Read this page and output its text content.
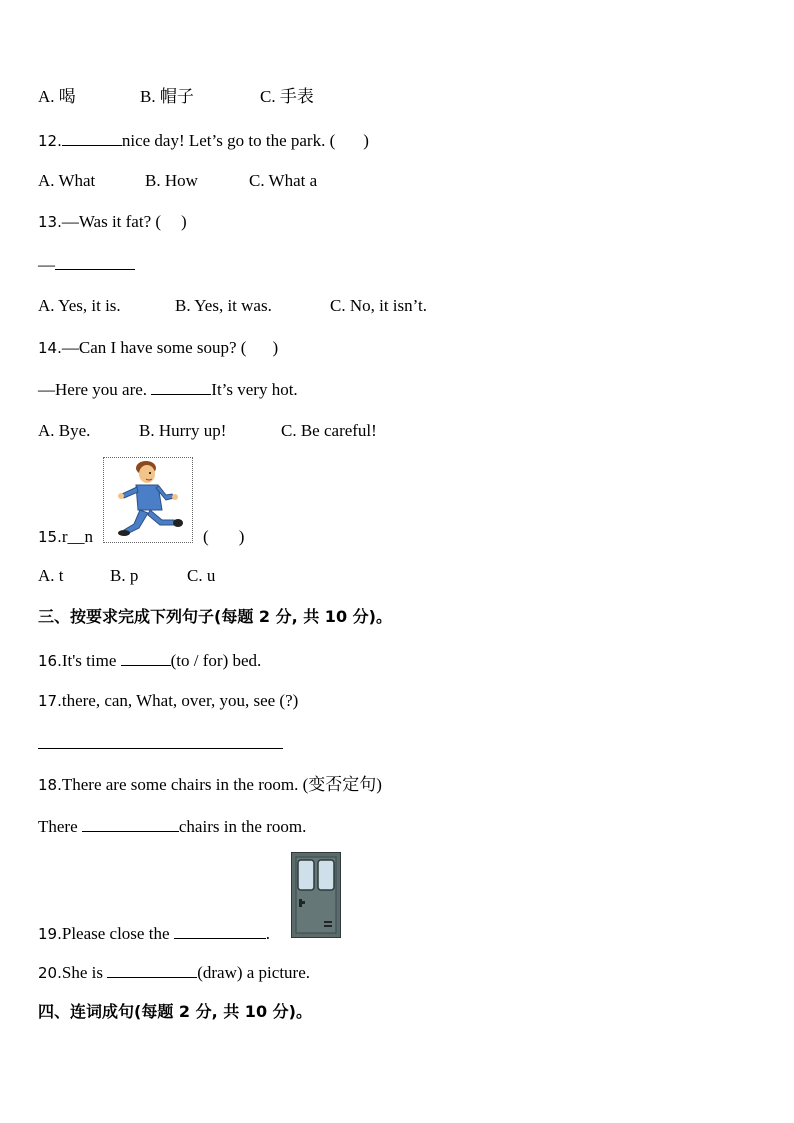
A. 喝	B. 帽子	C. 手表
12.	nice day! Let’s go to the park. ( )
A. What	B. How	C. What a
13.—Was it fat? ( )
—
A. Yes, it is.	B. Yes, it was.	C. No, it isn’t.
14.—Can I have some soup? ( )
—Here you are.	It’s very hot.
A. Bye.	B. Hurry up!	C. Be careful!
15.r__n	( )
A. t	B. p	C. u
三、按要求完成下列句子(每题 2 分, 共 10 分)。
16.It's time	(to / for) bed.
17.there, can, What, over, you, see (?)
18.There are some chairs in the room. (变否定句)
There	chairs in the room.
19.Please close the	.
20.She is	(draw) a picture.
四、连词成句(每题 2 分, 共 10 分)。
